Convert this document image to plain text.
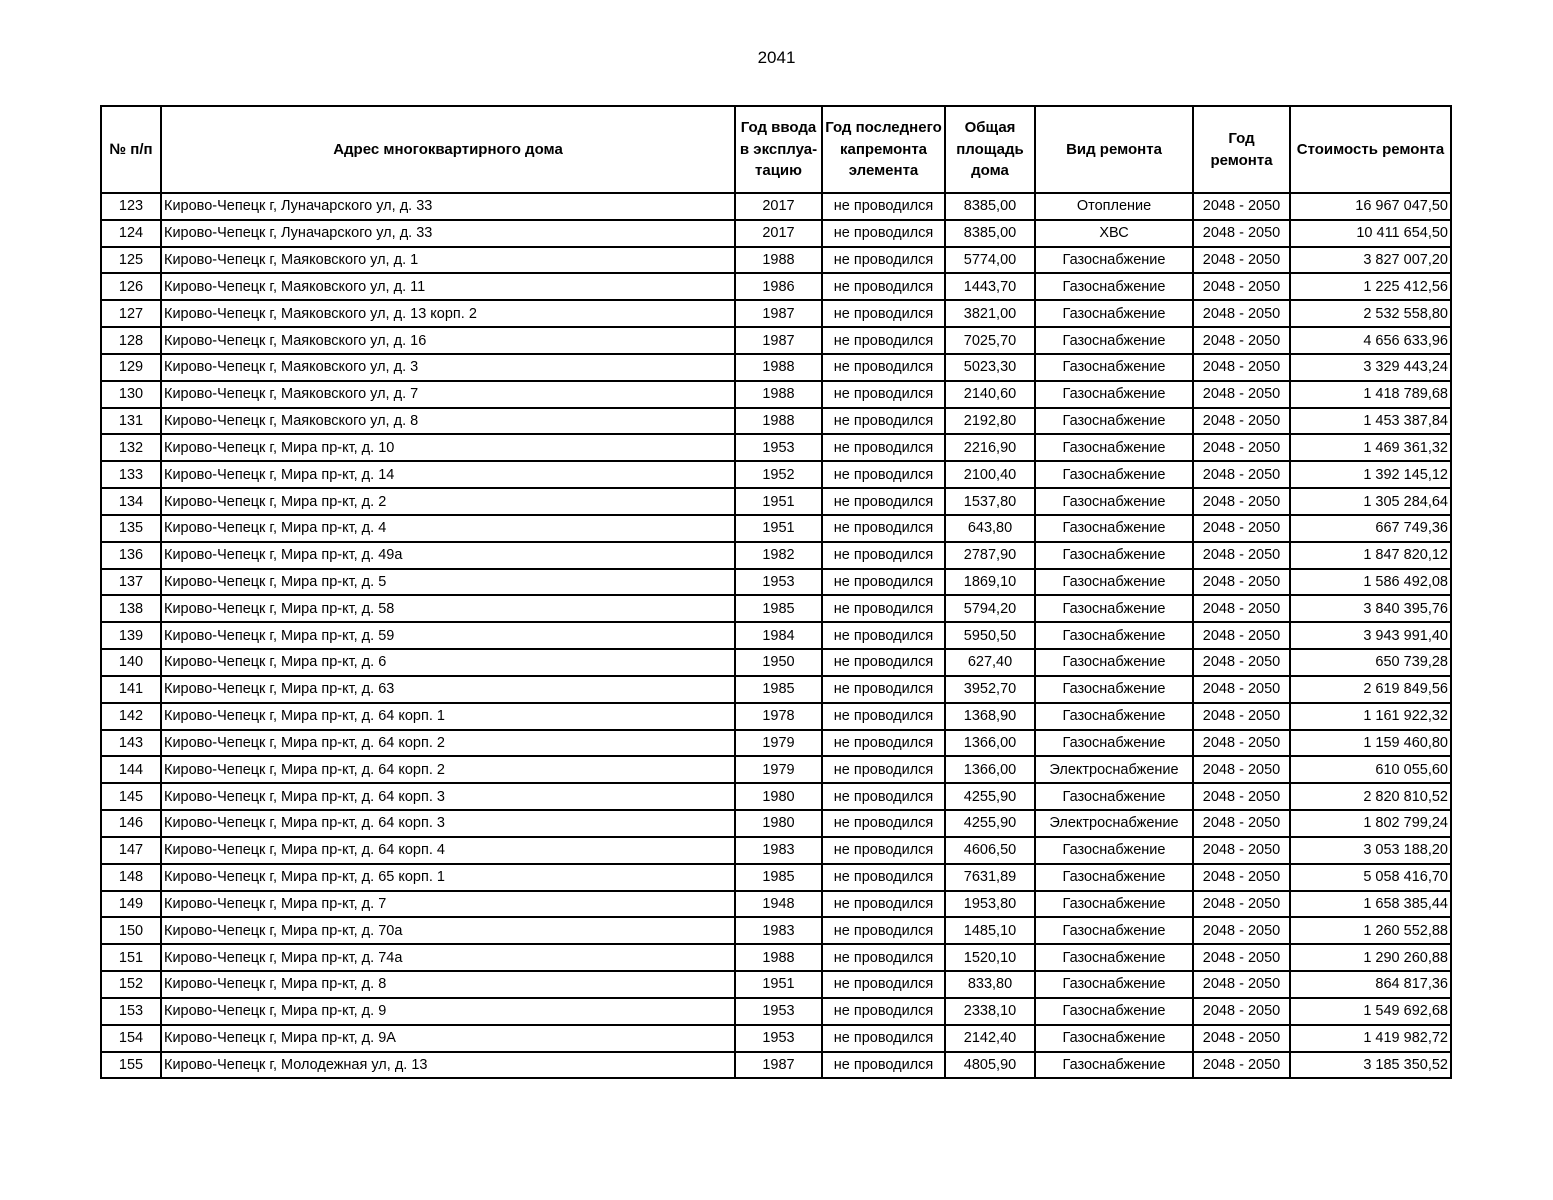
2041
№ п/п	Адрес многоквартирного дома	Год ввода в эксплуа-тацию	Год последнего капремонта элемента	Общая площадь дома	Вид ремонта	Год ремонта	Стоимость ремонта
123	Кирово-Чепецк г, Луначарского ул, д. 33	2017	не проводился	8385,00	Отопление	2048 - 2050	16 967 047,50
124	Кирово-Чепецк г, Луначарского ул, д. 33	2017	не проводился	8385,00	ХВС	2048 - 2050	10 411 654,50
125	Кирово-Чепецк г, Маяковского ул, д. 1	1988	не проводился	5774,00	Газоснабжение	2048 - 2050	3 827 007,20
126	Кирово-Чепецк г, Маяковского ул, д. 11	1986	не проводился	1443,70	Газоснабжение	2048 - 2050	1 225 412,56
127	Кирово-Чепецк г, Маяковского ул, д. 13 корп. 2	1987	не проводился	3821,00	Газоснабжение	2048 - 2050	2 532 558,80
128	Кирово-Чепецк г, Маяковского ул, д. 16	1987	не проводился	7025,70	Газоснабжение	2048 - 2050	4 656 633,96
129	Кирово-Чепецк г, Маяковского ул, д. 3	1988	не проводился	5023,30	Газоснабжение	2048 - 2050	3 329 443,24
130	Кирово-Чепецк г, Маяковского ул, д. 7	1988	не проводился	2140,60	Газоснабжение	2048 - 2050	1 418 789,68
131	Кирово-Чепецк г, Маяковского ул, д. 8	1988	не проводился	2192,80	Газоснабжение	2048 - 2050	1 453 387,84
132	Кирово-Чепецк г, Мира пр-кт, д. 10	1953	не проводился	2216,90	Газоснабжение	2048 - 2050	1 469 361,32
133	Кирово-Чепецк г, Мира пр-кт, д. 14	1952	не проводился	2100,40	Газоснабжение	2048 - 2050	1 392 145,12
134	Кирово-Чепецк г, Мира пр-кт, д. 2	1951	не проводился	1537,80	Газоснабжение	2048 - 2050	1 305 284,64
135	Кирово-Чепецк г, Мира пр-кт, д. 4	1951	не проводился	643,80	Газоснабжение	2048 - 2050	667 749,36
136	Кирово-Чепецк г, Мира пр-кт, д. 49а	1982	не проводился	2787,90	Газоснабжение	2048 - 2050	1 847 820,12
137	Кирово-Чепецк г, Мира пр-кт, д. 5	1953	не проводился	1869,10	Газоснабжение	2048 - 2050	1 586 492,08
138	Кирово-Чепецк г, Мира пр-кт, д. 58	1985	не проводился	5794,20	Газоснабжение	2048 - 2050	3 840 395,76
139	Кирово-Чепецк г, Мира пр-кт, д. 59	1984	не проводился	5950,50	Газоснабжение	2048 - 2050	3 943 991,40
140	Кирово-Чепецк г, Мира пр-кт, д. 6	1950	не проводился	627,40	Газоснабжение	2048 - 2050	650 739,28
141	Кирово-Чепецк г, Мира пр-кт, д. 63	1985	не проводился	3952,70	Газоснабжение	2048 - 2050	2 619 849,56
142	Кирово-Чепецк г, Мира пр-кт, д. 64 корп. 1	1978	не проводился	1368,90	Газоснабжение	2048 - 2050	1 161 922,32
143	Кирово-Чепецк г, Мира пр-кт, д. 64 корп. 2	1979	не проводился	1366,00	Газоснабжение	2048 - 2050	1 159 460,80
144	Кирово-Чепецк г, Мира пр-кт, д. 64 корп. 2	1979	не проводился	1366,00	Электроснабжение	2048 - 2050	610 055,60
145	Кирово-Чепецк г, Мира пр-кт, д. 64 корп. 3	1980	не проводился	4255,90	Газоснабжение	2048 - 2050	2 820 810,52
146	Кирово-Чепецк г, Мира пр-кт, д. 64 корп. 3	1980	не проводился	4255,90	Электроснабжение	2048 - 2050	1 802 799,24
147	Кирово-Чепецк г, Мира пр-кт, д. 64 корп. 4	1983	не проводился	4606,50	Газоснабжение	2048 - 2050	3 053 188,20
148	Кирово-Чепецк г, Мира пр-кт, д. 65 корп. 1	1985	не проводился	7631,89	Газоснабжение	2048 - 2050	5 058 416,70
149	Кирово-Чепецк г, Мира пр-кт, д. 7	1948	не проводился	1953,80	Газоснабжение	2048 - 2050	1 658 385,44
150	Кирово-Чепецк г, Мира пр-кт, д. 70а	1983	не проводился	1485,10	Газоснабжение	2048 - 2050	1 260 552,88
151	Кирово-Чепецк г, Мира пр-кт, д. 74а	1988	не проводился	1520,10	Газоснабжение	2048 - 2050	1 290 260,88
152	Кирово-Чепецк г, Мира пр-кт, д. 8	1951	не проводился	833,80	Газоснабжение	2048 - 2050	864 817,36
153	Кирово-Чепецк г, Мира пр-кт, д. 9	1953	не проводился	2338,10	Газоснабжение	2048 - 2050	1 549 692,68
154	Кирово-Чепецк г, Мира пр-кт, д. 9А	1953	не проводился	2142,40	Газоснабжение	2048 - 2050	1 419 982,72
155	Кирово-Чепецк г, Молодежная ул, д. 13	1987	не проводился	4805,90	Газоснабжение	2048 - 2050	3 185 350,52
